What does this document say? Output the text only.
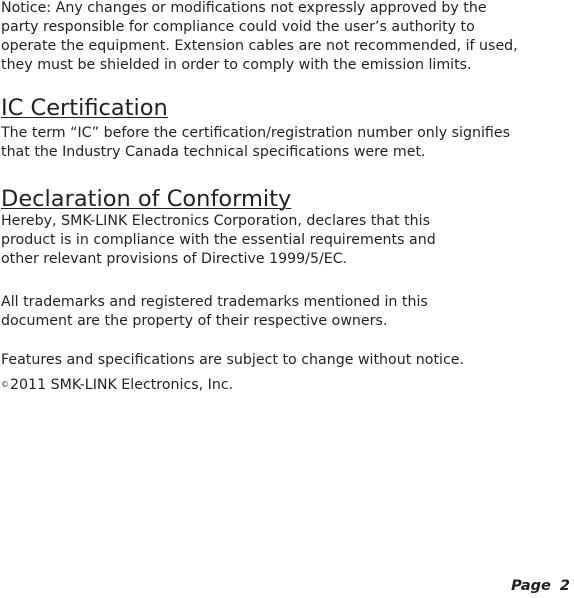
Notice: Any changes or modifications not expressly approved by the
party responsible for compliance could void the user’s authority to
operate the equipment. Extension cables are not recommended, if used,
they must be shielded in order to comply with the emission limits.

IC Certification

The term “IC” before the certification/registration number only signifies
that the Industry Canada technical specifications were met.

Declaration of Conformity

Hereby, SMK-LINK Electronics Corporation, declares that this
product is in compliance with the essential requirements and
other relevant provisions of Directive 1999/5/EC.

All trademarks and registered trademarks mentioned in this
document are the property of their respective owners.

Features and specifications are subject to change without notice.

©2011 SMK-LINK Electronics, Inc.
Page 2
